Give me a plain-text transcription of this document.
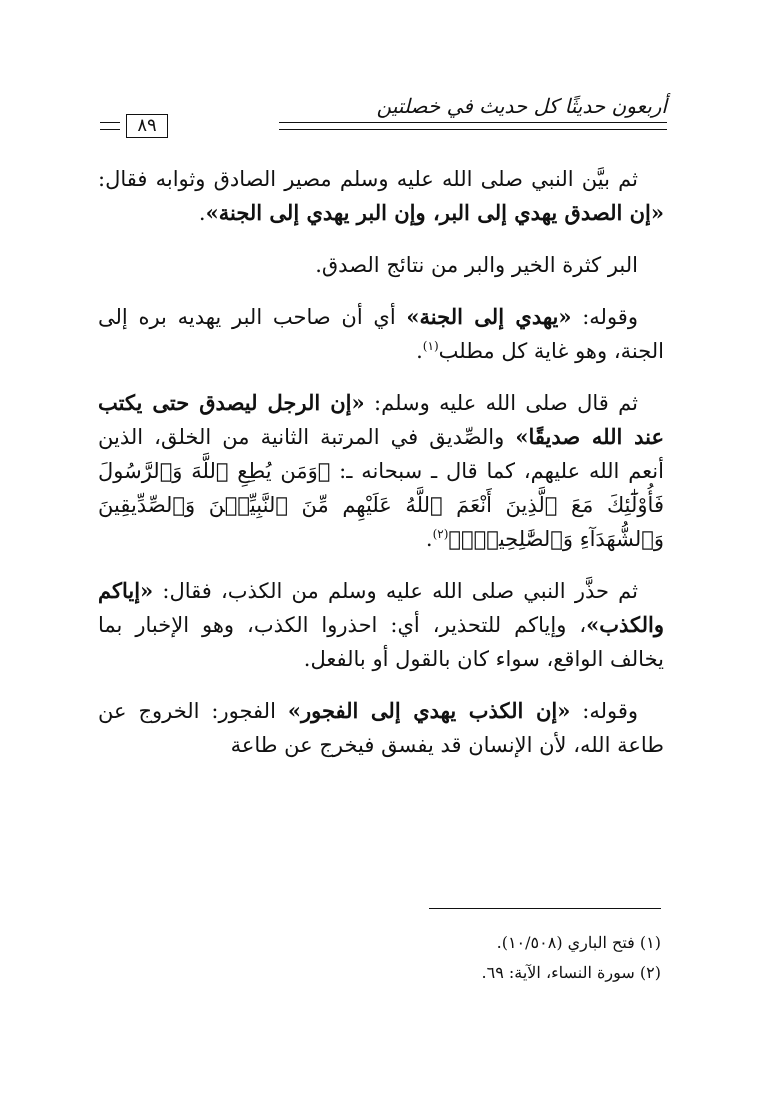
أربعون حديثًا كل حديث في خصلتين
٨٩

ثم بيَّن النبي صلى الله عليه وسلم مصير الصادق وثوابه فقال: «إن الصدق يهدي إلى البر، وإن البر يهدي إلى الجنة».

البر كثرة الخير والبر من نتائج الصدق.

وقوله: «يهدي إلى الجنة» أي أن صاحب البر يهديه بره إلى الجنة، وهو غاية كل مطلب$^{(١)}$.

ثم قال صلى الله عليه وسلم: «إن الرجل ليصدق حتى يكتب عند الله صديقًا» والصِّديق في المرتبة الثانية من الخلق، الذين أنعم الله عليهم، كما قال ـ سبحانه ـ: ﴿وَمَن يُطِعِ ٱللَّهَ وَٱلرَّسُولَ فَأُوْلَٰٓئِكَ مَعَ ٱلَّذِينَ أَنْعَمَ ٱللَّهُ عَلَيْهِم مِّنَ ٱلنَّبِيِّـۧنَ وَٱلصِّدِّيقِينَ وَٱلشُّهَدَآءِ وَٱلصَّٰلِحِينَۚ﴾$^{(٢)}$.

ثم حذَّر النبي صلى الله عليه وسلم من الكذب، فقال: «إياكم والكذب»، وإياكم للتحذير، أي: احذروا الكذب، وهو الإخبار بما يخالف الواقع، سواء كان بالقول أو بالفعل.

وقوله: «إن الكذب يهدي إلى الفجور» الفجور: الخروج عن طاعة الله، لأن الإنسان قد يفسق فيخرج عن طاعة

(١) فتح الباري (١٠/٥٠٨).

(٢) سورة النساء، الآية: ٦٩.
